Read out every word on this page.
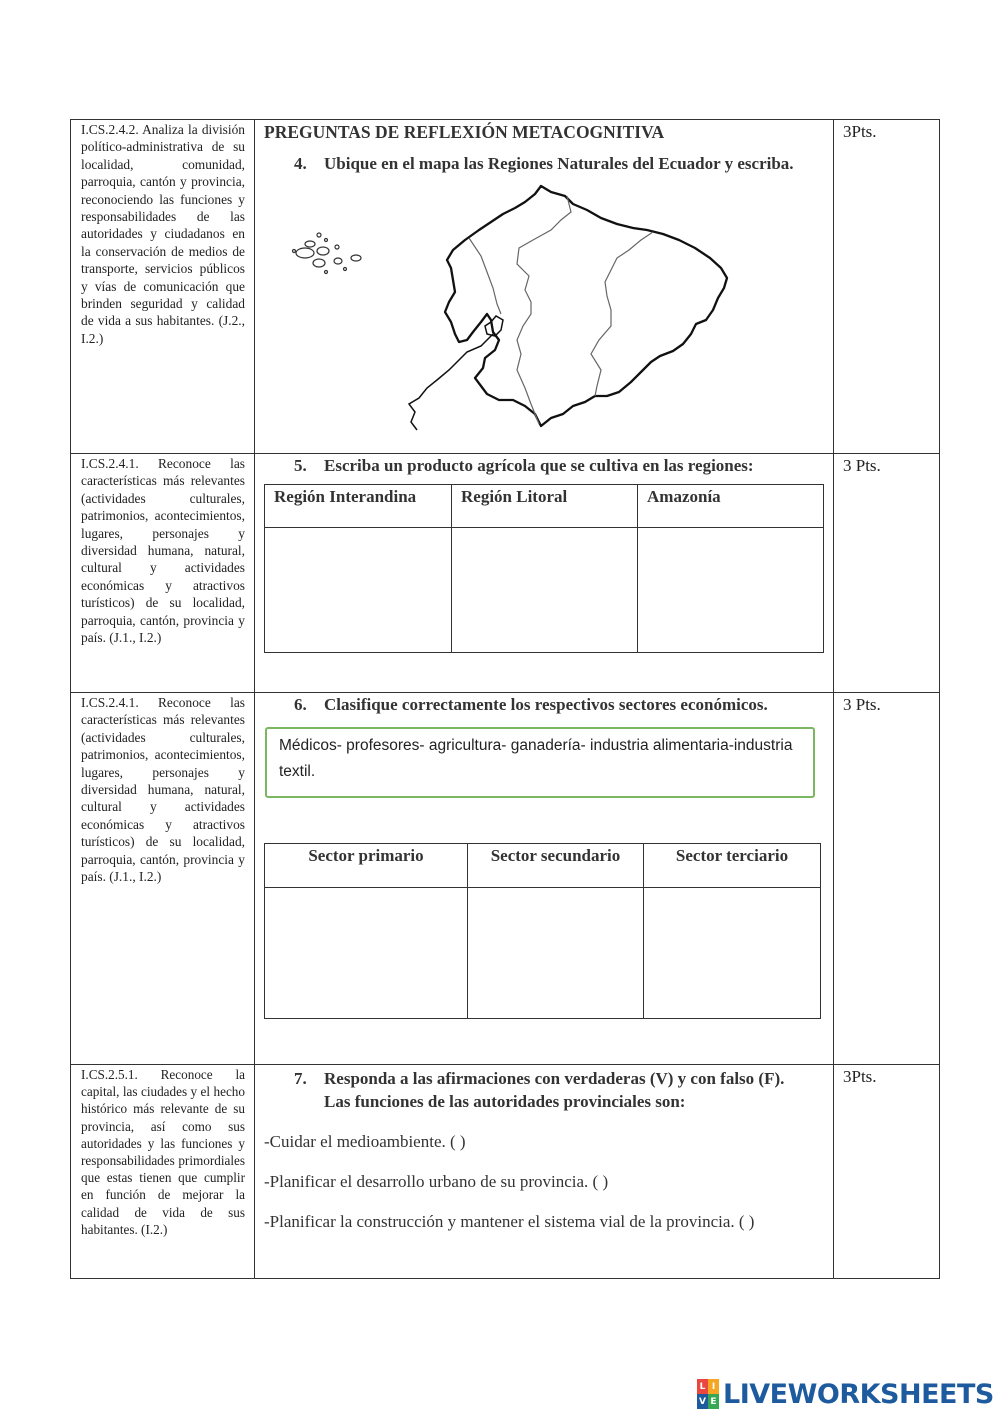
I.CS.2.4.2. Analiza la división político-administrativa de su localidad, comunidad, parroquia, cantón y provincia, reconociendo las funciones y responsabilidades de las autoridades y ciudadanos en la conservación de medios de transporte, servicios públicos y vías de comunicación que brinden seguridad y calidad de vida a sus habitantes. (J.2., I.2.)

PREGUNTAS DE REFLEXIÓN METACOGNITIVA
4.	Ubique en el mapa las Regiones Naturales del Ecuador y escriba.

3Pts.

I.CS.2.4.1. Reconoce las características más relevantes (actividades culturales, patrimonios, acontecimientos, lugares, personajes y diversidad humana, natural, cultural y actividades económicas y atractivos turísticos) de su localidad, parroquia, cantón, provincia y país. (J.1., I.2.)

5.	Escriba un producto agrícola que se cultiva en las regiones:
Región Interandina	Región Litoral	Amazonía

3 Pts.

I.CS.2.4.1. Reconoce las características más relevantes (actividades culturales, patrimonios, acontecimientos, lugares, personajes y diversidad humana, natural, cultural y actividades económicas y atractivos turísticos) de su localidad, parroquia, cantón, provincia y país. (J.1., I.2.)

6.	Clasifique correctamente los respectivos sectores económicos.
Médicos- profesores- agricultura- ganadería- industria alimentaria-industria textil.
Sector primario	Sector secundario	Sector terciario

3 Pts.

I.CS.2.5.1. Reconoce la capital, las ciudades y el hecho histórico más relevante de su provincia, así como sus autoridades y las funciones y responsabilidades primordiales que estas tienen que cumplir en función de mejorar la calidad de vida de sus habitantes. (I.2.)

7.	Responda a las afirmaciones con verdaderas (V) y con falso (F).
Las funciones de las autoridades provinciales son:
-Cuidar el medioambiente. ( )
-Planificar el desarrollo urbano de su provincia. ( )
-Planificar la construcción y mantener el sistema vial de la provincia. ( )

3Pts.
L I
V E LIVEWORKSHEETS
